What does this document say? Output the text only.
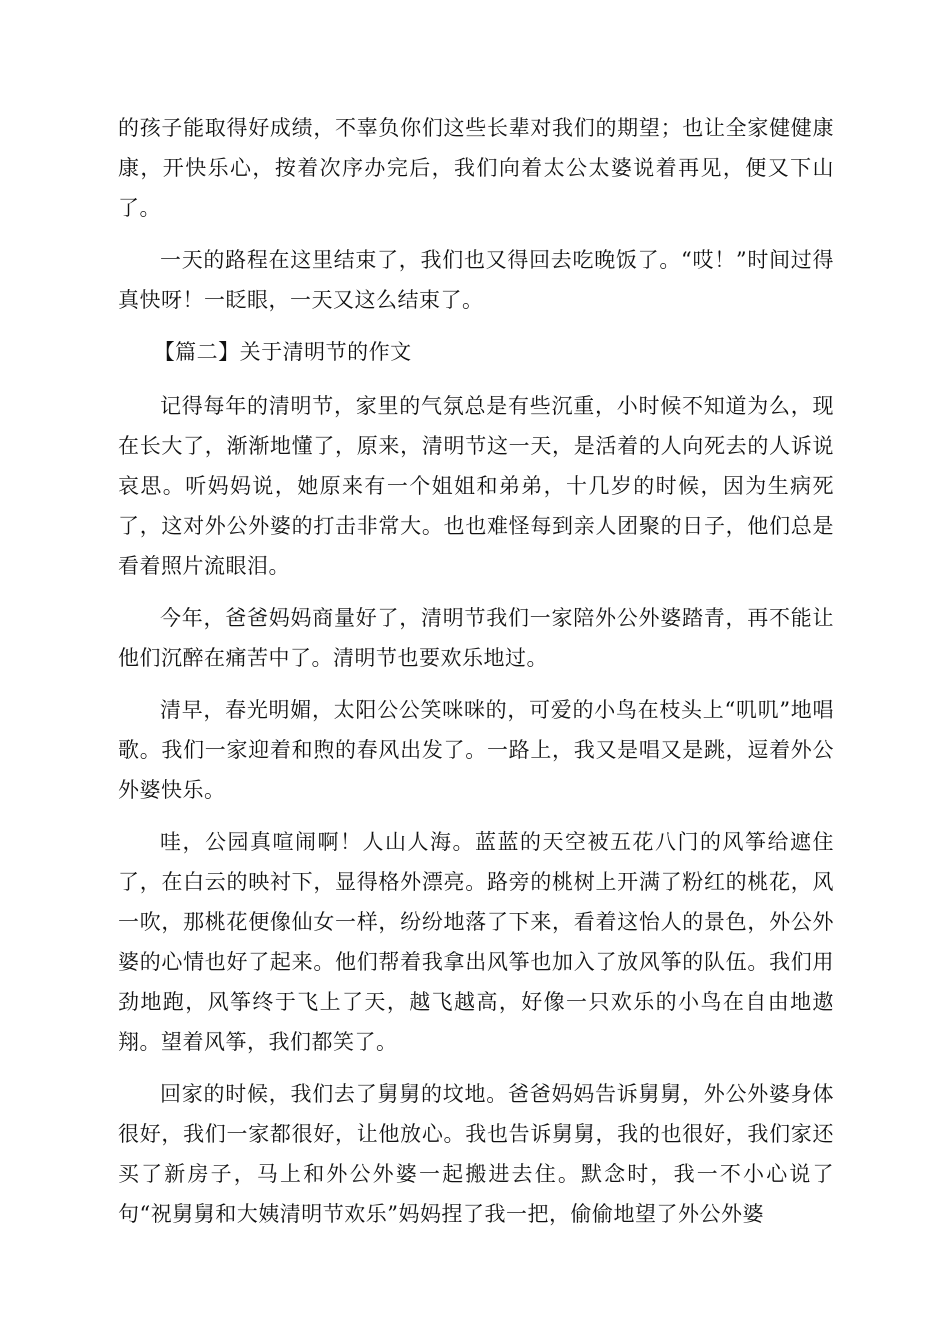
的孩子能取得好成绩，不辜负你们这些长辈对我们的期望；也让全家健健康康，开快乐心，按着次序办完后，我们向着太公太婆说着再见，便又下山了。

一天的路程在这里结束了，我们也又得回去吃晚饭了。“哎！”时间过得真快呀！一眨眼，一天又这么结束了。

【篇二】关于清明节的作文

记得每年的清明节，家里的气氛总是有些沉重，小时候不知道为么，现在长大了，渐渐地懂了，原来，清明节这一天，是活着的人向死去的人诉说哀思。听妈妈说，她原来有一个姐姐和弟弟，十几岁的时候，因为生病死了，这对外公外婆的打击非常大。也也难怪每到亲人团聚的日子，他们总是看着照片流眼泪。

今年，爸爸妈妈商量好了，清明节我们一家陪外公外婆踏青，再不能让他们沉醉在痛苦中了。清明节也要欢乐地过。

清早，春光明媚，太阳公公笑咪咪的，可爱的小鸟在枝头上“叽叽”地唱歌。我们一家迎着和煦的春风出发了。一路上，我又是唱又是跳，逗着外公外婆快乐。

哇，公园真喧闹啊！人山人海。蓝蓝的天空被五花八门的风筝给遮住了，在白云的映衬下，显得格外漂亮。路旁的桃树上开满了粉红的桃花，风一吹，那桃花便像仙女一样，纷纷地落了下来，看着这怡人的景色，外公外婆的心情也好了起来。他们帮着我拿出风筝也加入了放风筝的队伍。我们用劲地跑，风筝终于飞上了天，越飞越高，好像一只欢乐的小鸟在自由地遨翔。望着风筝，我们都笑了。

回家的时候，我们去了舅舅的坟地。爸爸妈妈告诉舅舅，外公外婆身体很好，我们一家都很好，让他放心。我也告诉舅舅，我的也很好，我们家还买了新房子，马上和外公外婆一起搬进去住。默念时，我一不小心说了句“祝舅舅和大姨清明节欢乐”妈妈捏了我一把，偷偷地望了外公外婆
